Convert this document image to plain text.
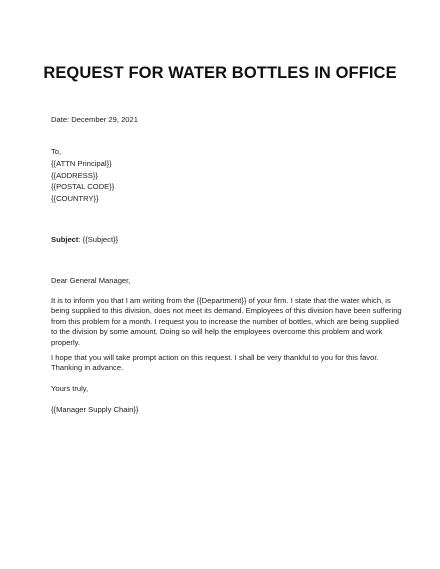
REQUEST FOR WATER BOTTLES IN OFFICE
Date: December 29, 2021
To,
{{ATTN Principal}}
{{ADDRESS}}
{{POSTAL CODE}}
{{COUNTRY}}
Subject: {{Subject}}
Dear General Manager,
It is to inform you that I am writing from the {{Department}} of your firm. I state that the water which, is
being supplied to this division, does not meet its demand. Employees of this division have been suffering
from this problem for a month. I request you to increase the number of bottles, which are being supplied
to the division by some amount. Doing so will help the employees overcome this problem and work
properly.
I hope that you will take prompt action on this request. I shall be very thankful to you for this favor.
Thanking in advance.
Yours truly,
{{Manager Supply Chain}}
